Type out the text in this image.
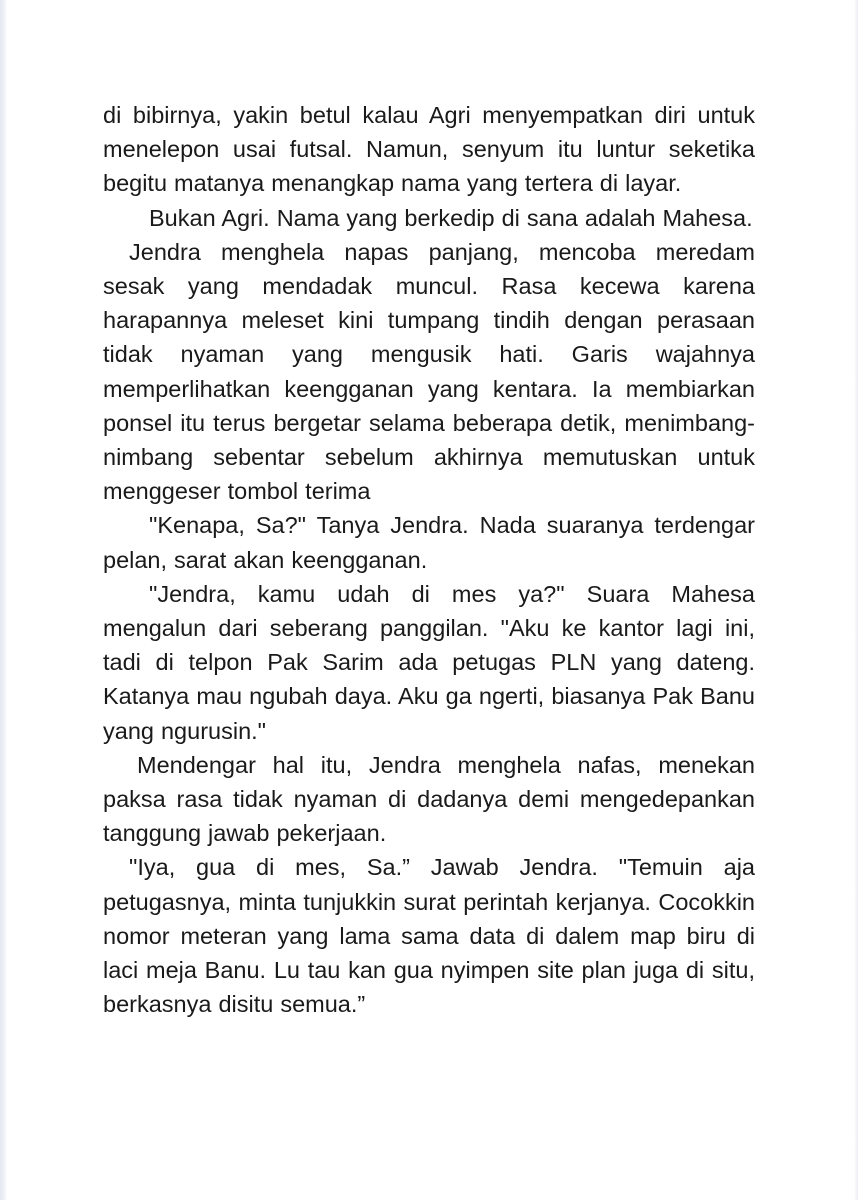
di bibirnya, yakin betul kalau Agri menyempatkan diri untuk menelepon usai futsal. Namun, senyum itu luntur seketika begitu matanya menangkap nama yang tertera di layar.

Bukan Agri. Nama yang berkedip di sana adalah Mahesa.

Jendra menghela napas panjang, mencoba meredam sesak yang mendadak muncul. Rasa kecewa karena harapannya meleset kini tumpang tindih dengan perasaan tidak nyaman yang mengusik hati. Garis wajahnya memperlihatkan keengganan yang kentara. Ia membiarkan ponsel itu terus bergetar selama beberapa detik, menimbang-nimbang sebentar sebelum akhirnya memutuskan untuk menggeser tombol terima

"Kenapa, Sa?" Tanya Jendra. Nada suaranya terdengar pelan, sarat akan keengganan.

"Jendra, kamu udah di mes ya?" Suara Mahesa mengalun dari seberang panggilan. "Aku ke kantor lagi ini, tadi di telpon Pak Sarim ada petugas PLN yang dateng. Katanya mau ngubah daya. Aku ga ngerti, biasanya Pak Banu yang ngurusin."

Mendengar hal itu, Jendra menghela nafas, menekan paksa rasa tidak nyaman di dadanya demi mengedepankan tanggung jawab pekerjaan.

"Iya, gua di mes, Sa.” Jawab Jendra. "Temuin aja petugasnya, minta tunjukkin surat perintah kerjanya. Cocokkin nomor meteran yang lama sama data di dalem map biru di laci meja Banu. Lu tau kan gua nyimpen site plan juga di situ, berkasnya disitu semua.”
